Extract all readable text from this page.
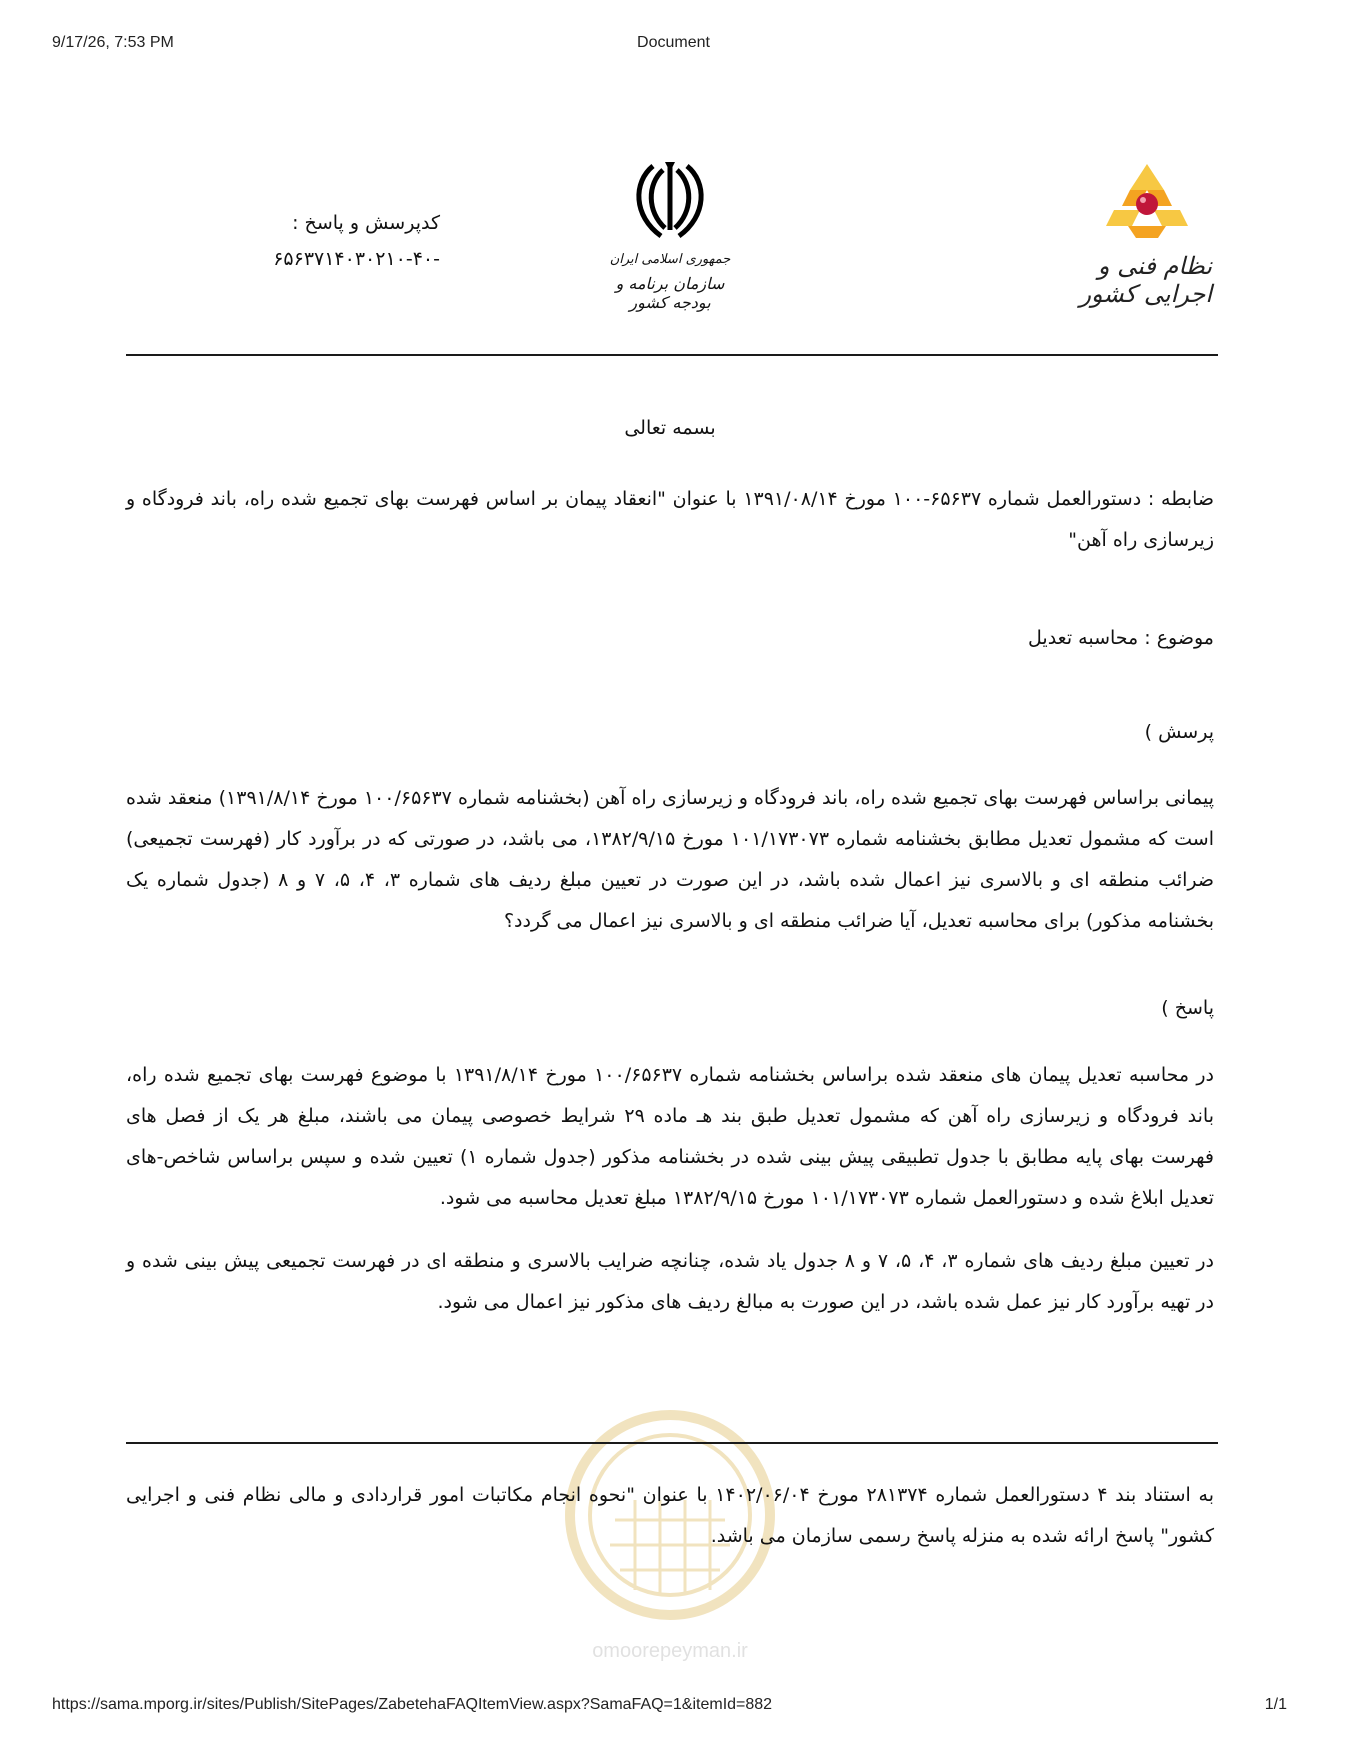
9/17/26, 7:53 PM	Document
نظام فنی و اجرایی کشور
جمهوری اسلامی ایران
سازمان برنامه و بودجه کشور
کدپرسش و پاسخ :
-۶۵۶۳۷۱۴۰۳۰۲۱۰-۴۰
بسمه تعالی
ضابطه : دستورالعمل شماره ۶۵۶۳۷-۱۰۰ مورخ ۱۳۹۱/۰۸/۱۴ با عنوان "انعقاد پیمان بر اساس فهرست بهای تجمیع شده راه، باند فرودگاه و زیرسازی راه آهن"
موضوع : محاسبه تعدیل
پرسش )
پیمانی براساس فهرست بهای تجمیع شده راه، باند فرودگاه و زیرسازی راه آهن (بخشنامه شماره ۱۰۰/۶۵۶۳۷ مورخ ۱۳۹۱/۸/۱۴) منعقد شده است که مشمول تعدیل مطابق بخشنامه شماره ۱۰۱/۱۷۳۰۷۳ مورخ ۱۳۸۲/۹/۱۵، می باشد، در صورتی که در برآورد کار (فهرست تجمیعی) ضرائب منطقه ای و بالاسری نیز اعمال شده باشد، در این صورت در تعیین مبلغ ردیف های شماره ۳، ۴، ۵، ۷ و ۸ (جدول شماره یک بخشنامه مذکور) برای محاسبه تعدیل، آیا ضرائب منطقه ای و بالاسری نیز اعمال می گردد؟
پاسخ )
در محاسبه تعدیل پیمان های منعقد شده براساس بخشنامه شماره ۱۰۰/۶۵۶۳۷ مورخ ۱۳۹۱/۸/۱۴ با موضوع فهرست بهای تجمیع شده راه، باند فرودگاه و زیرسازی راه آهن که مشمول تعدیل طبق بند هـ ماده ۲۹ شرایط خصوصی پیمان می باشند، مبلغ هر یک از فصل های فهرست بهای پایه مطابق با جدول تطبیقی پیش بینی شده در بخشنامه مذکور (جدول شماره ۱) تعیین شده و سپس براساس شاخص-های تعدیل ابلاغ شده و دستورالعمل شماره ۱۰۱/۱۷۳۰۷۳ مورخ ۱۳۸۲/۹/۱۵ مبلغ تعدیل محاسبه می شود.
در تعیین مبلغ ردیف های شماره ۳، ۴، ۵، ۷ و ۸ جدول یاد شده، چنانچه ضرایب بالاسری و منطقه ای در فهرست تجمیعی پیش بینی شده و در تهیه برآورد کار نیز عمل شده باشد، در این صورت به مبالغ ردیف های مذکور نیز اعمال می شود.
omoorepeyman.ir
به استناد بند ۴ دستورالعمل شماره ۲۸۱۳۷۴ مورخ ۱۴۰۲/۰۶/۰۴ با عنوان "نحوه انجام مکاتبات امور قراردادی و مالی نظام فنی و اجرایی کشور" پاسخ ارائه شده به منزله پاسخ رسمی سازمان می باشد.
https://sama.mporg.ir/sites/Publish/SitePages/ZabetehaFAQItemView.aspx?SamaFAQ=1&itemId=882	1/1
